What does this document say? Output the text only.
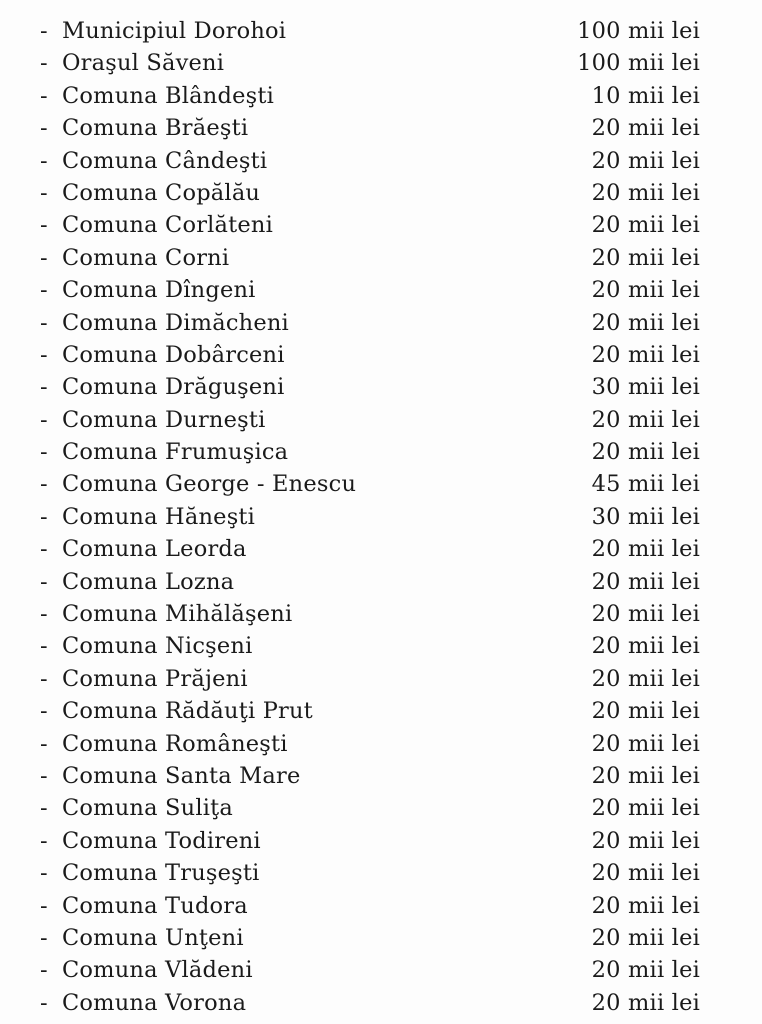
- Municipiul Dorohoi	100 mii lei
- Oraşul Săveni	100 mii lei
- Comuna Blândeşti	10 mii lei
- Comuna Brăeşti	20 mii lei
- Comuna Cândeşti	20 mii lei
- Comuna Copălău	20 mii lei
- Comuna Corlăteni	20 mii lei
- Comuna Corni	20 mii lei
- Comuna Dîngeni	20 mii lei
- Comuna Dimăcheni	20 mii lei
- Comuna Dobârceni	20 mii lei
- Comuna Drăguşeni	30 mii lei
- Comuna Durneşti	20 mii lei
- Comuna Frumuşica	20 mii lei
- Comuna George - Enescu	45 mii lei
- Comuna Hăneşti	30 mii lei
- Comuna Leorda	20 mii lei
- Comuna Lozna	20 mii lei
- Comuna Mihălăşeni	20 mii lei
- Comuna Nicşeni	20 mii lei
- Comuna Prăjeni	20 mii lei
- Comuna Rădăuţi Prut	20 mii lei
- Comuna Româneşti	20 mii lei
- Comuna Santa Mare	20 mii lei
- Comuna Suliţa	20 mii lei
- Comuna Todireni	20 mii lei
- Comuna Truşeşti	20 mii lei
- Comuna Tudora	20 mii lei
- Comuna Unţeni	20 mii lei
- Comuna Vlădeni	20 mii lei
- Comuna Vorona	20 mii lei
